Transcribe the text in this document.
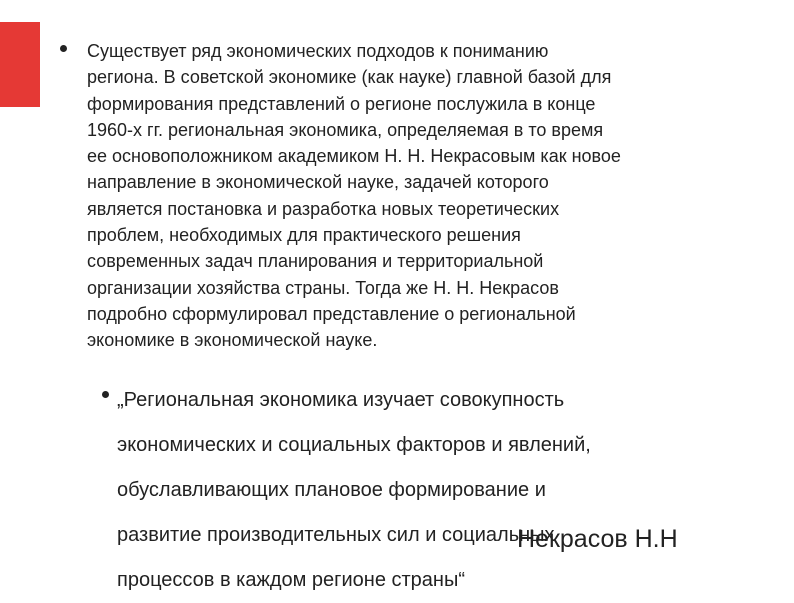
Существует ряд экономических подходов к пониманию
региона. В советской экономике (как науке) главной базой для
формирования представлений о регионе послужила в конце
1960-х гг. региональная экономика, определяемая в то время
ее основоположником академиком Н. Н. Некрасовым как новое
направление в экономической науке, задачей которого
является постановка и разработка новых теоретических
проблем, необходимых для практического решения
современных задач планирования и территориальной
организации хозяйства страны. Тогда же Н. Н. Некрасов
подробно сформулировал представление о региональной
экономике в экономической науке.

„Региональная экономика изучает совокупность
экономических и социальных факторов и явлений,
обуславливающих плановое формирование и
развитие производительных сил и социальных
процессов в каждом регионе страны“

Некрасов Н.Н
